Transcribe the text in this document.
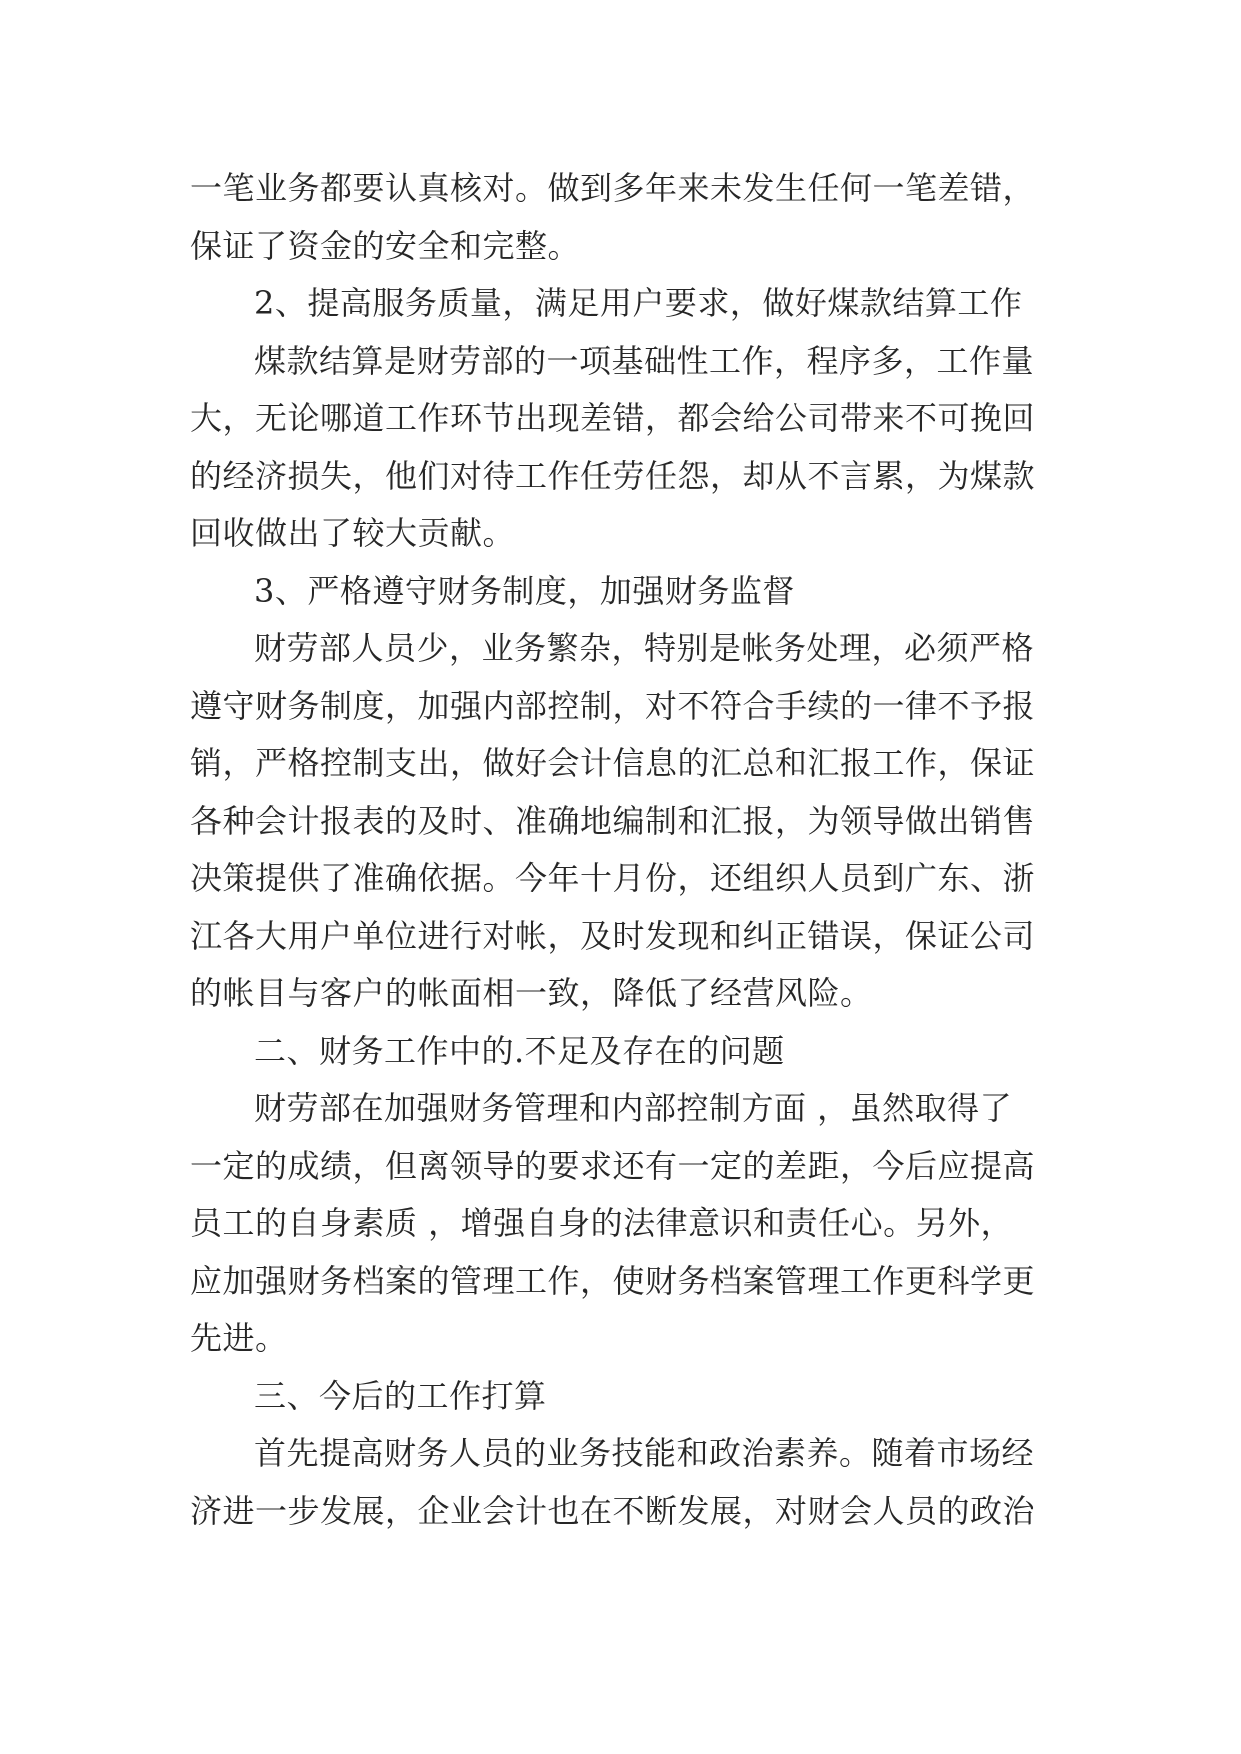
一笔业务都要认真核对。做到多年来未发生任何一笔差错，
保证了资金的安全和完整。
2、提高服务质量，满足用户要求，做好煤款结算工作
煤款结算是财劳部的一项基础性工作，程序多，工作量
大，无论哪道工作环节出现差错，都会给公司带来不可挽回
的经济损失，他们对待工作任劳任怨，却从不言累，为煤款
回收做出了较大贡献。
3、严格遵守财务制度，加强财务监督
财劳部人员少，业务繁杂，特别是帐务处理，必须严格
遵守财务制度，加强内部控制，对不符合手续的一律不予报
销，严格控制支出，做好会计信息的汇总和汇报工作，保证
各种会计报表的及时、准确地编制和汇报，为领导做出销售
决策提供了准确依据。今年十月份，还组织人员到广东、浙
江各大用户单位进行对帐，及时发现和纠正错误，保证公司
的帐目与客户的帐面相一致，降低了经营风险。
二、财务工作中的.不足及存在的问题
财劳部在加强财务管理和内部控制方面 ，虽然取得了
一定的成绩，但离领导的要求还有一定的差距，今后应提高
员工的自身素质 ，增强自身的法律意识和责任心。另外，
应加强财务档案的管理工作，使财务档案管理工作更科学更
先进。
三、今后的工作打算
首先提高财务人员的业务技能和政治素养。随着市场经
济进一步发展，企业会计也在不断发展，对财会人员的政治
